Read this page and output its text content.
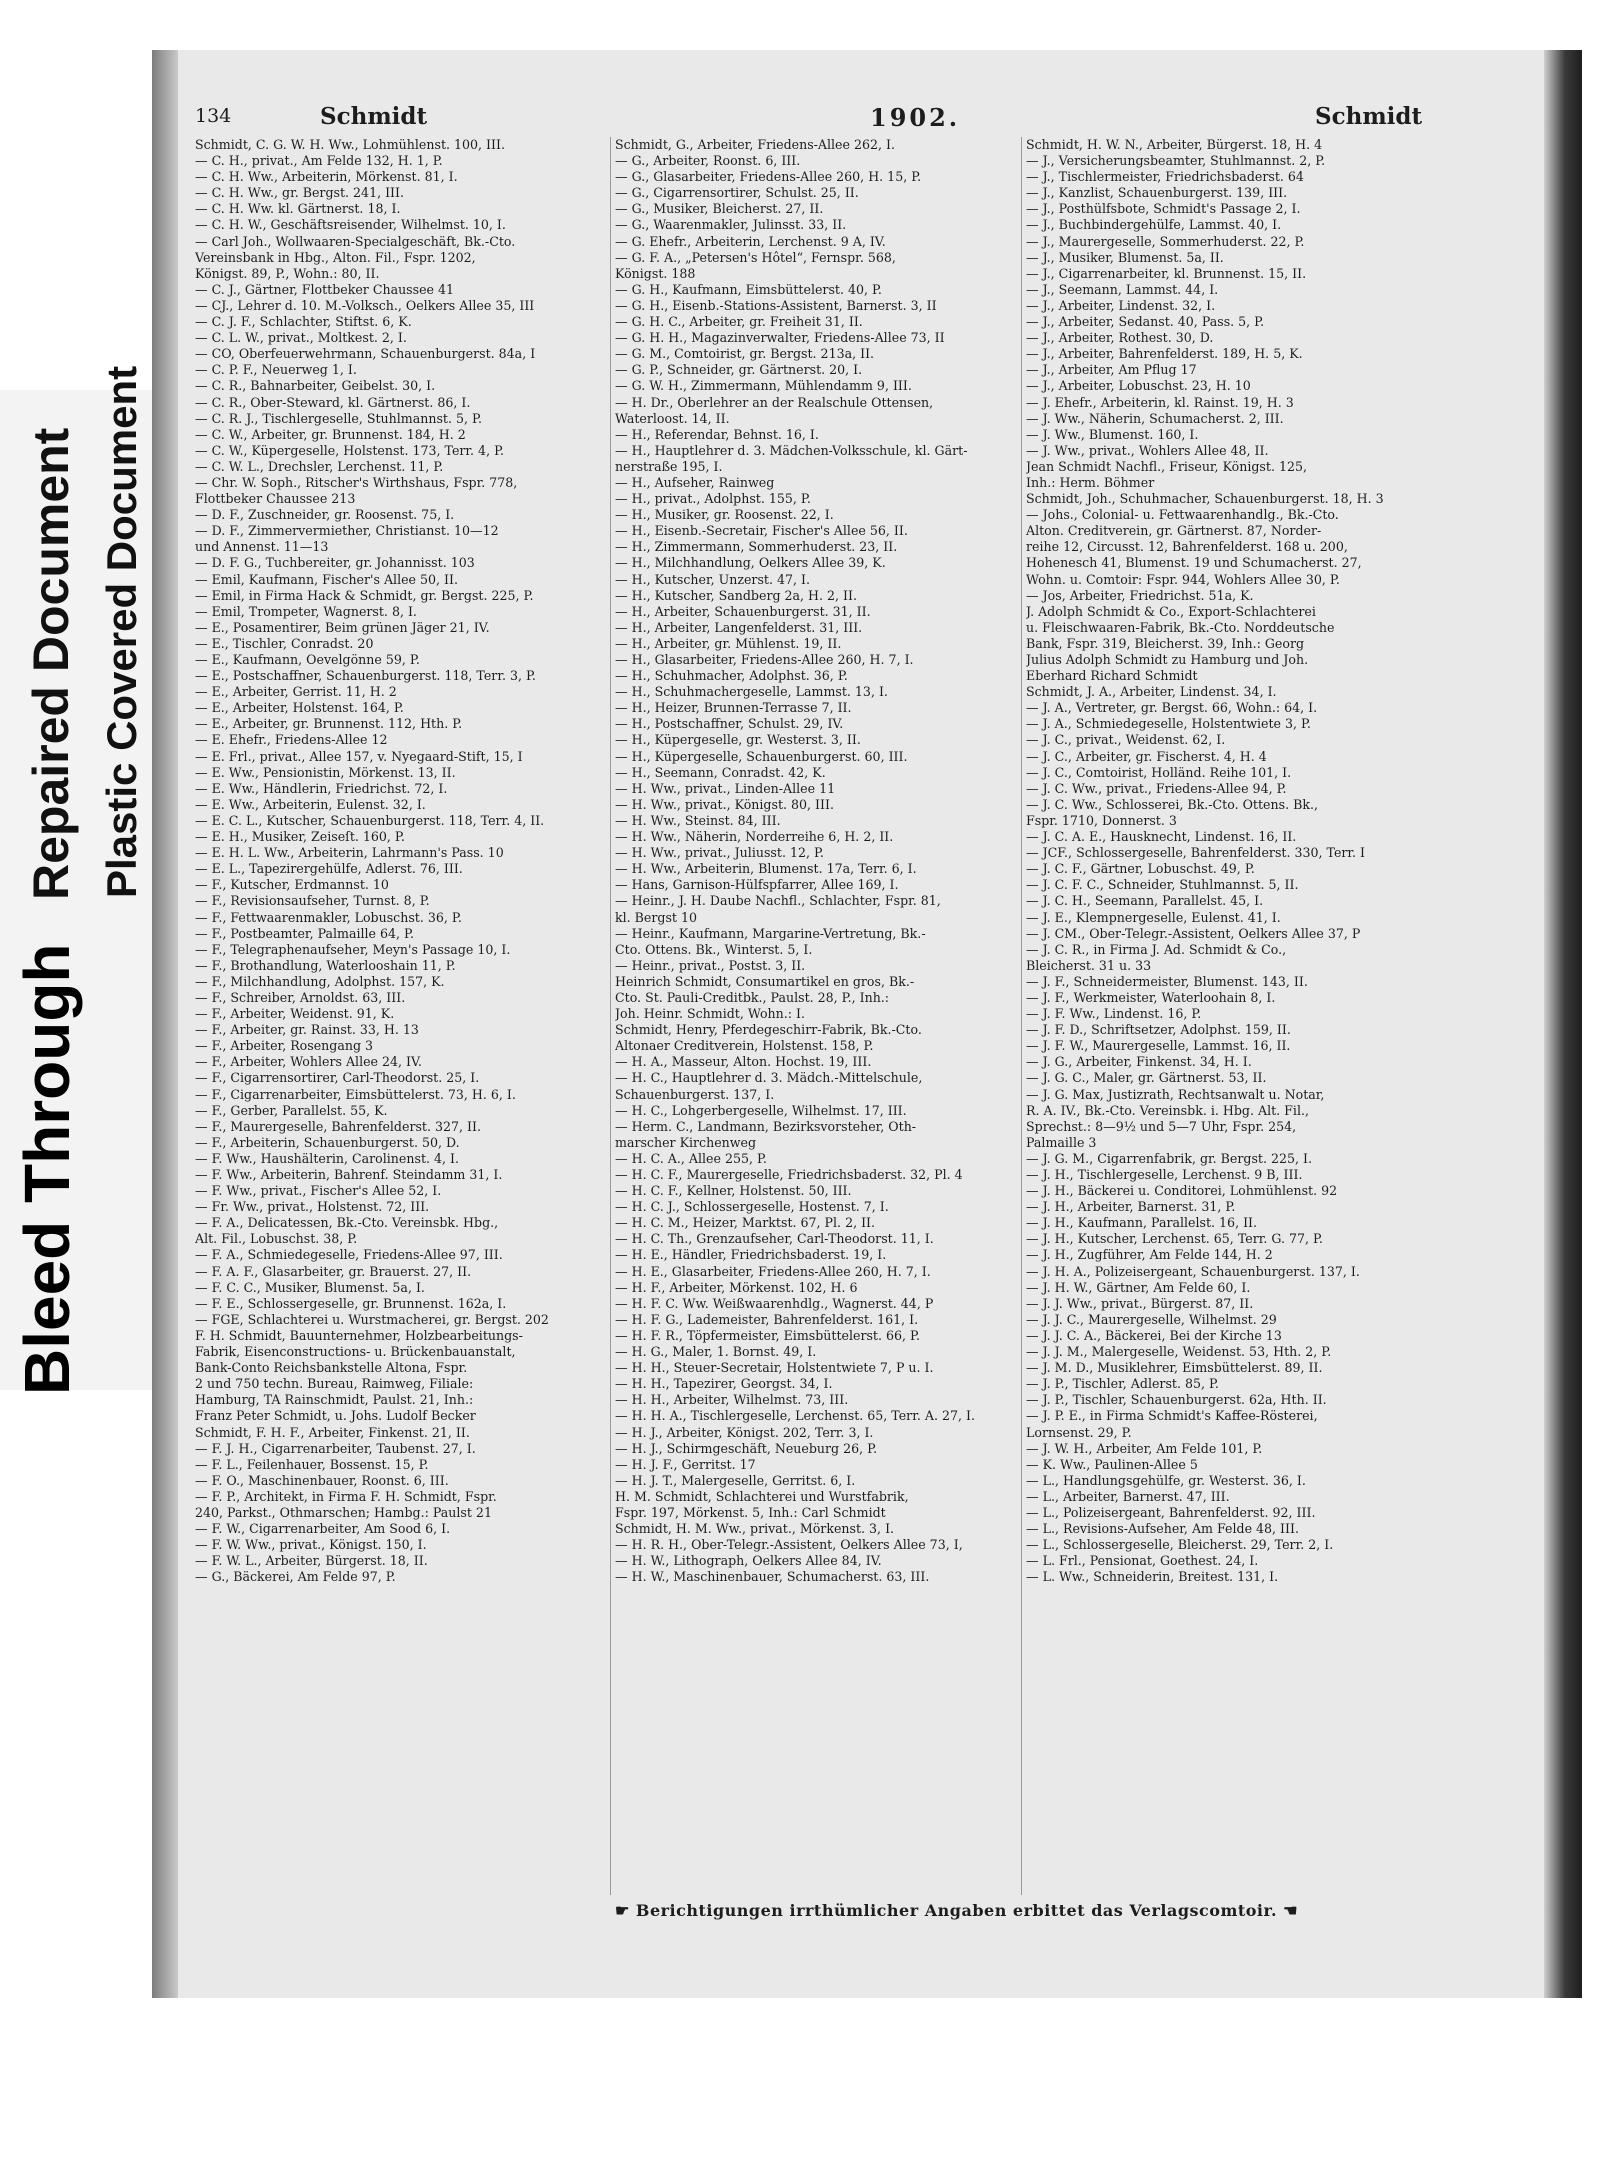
Bleed Through
Repaired Document Plastic Covered Document
134	Schmidt	1902.	Schmidt
Schmidt, C. G. W. H. Ww., Lohmühlenst. 100, III.
— C. H., privat., Am Felde 132, H. 1, P.
— C. H. Ww., Arbeiterin, Mörkenst. 81, I.
— C. H. Ww., gr. Bergst. 241, III.
— C. H. Ww. kl. Gärtnerst. 18, I.
— C. H. W., Geschäftsreisender, Wilhelmst. 10, I.
— Carl Joh., Wollwaaren-Specialgeschäft, Bk.-Cto.
Vereinsbank in Hbg., Alton. Fil., Fspr. 1202,
Königst. 89, P., Wohn.: 80, II.
— C. J., Gärtner, Flottbeker Chaussee 41
— CJ., Lehrer d. 10. M.-Volksch., Oelkers Allee 35, III
— C. J. F., Schlachter, Stiftst. 6, K.
— C. L. W., privat., Moltkest. 2, I.
— CO, Oberfeuerwehrmann, Schauenburgerst. 84a, I
— C. P. F., Neuerweg 1, I.
— C. R., Bahnarbeiter, Geibelst. 30, I.
— C. R., Ober-Steward, kl. Gärtnerst. 86, I.
— C. R. J., Tischlergeselle, Stuhlmannst. 5, P.
— C. W., Arbeiter, gr. Brunnenst. 184, H. 2
— C. W., Küpergeselle, Holstenst. 173, Terr. 4, P.
— C. W. L., Drechsler, Lerchenst. 11, P.
— Chr. W. Soph., Ritscher's Wirthshaus, Fspr. 778,
Flottbeker Chaussee 213
— D. F., Zuschneider, gr. Roosenst. 75, I.
— D. F., Zimmervermiether, Christianst. 10—12
und Annenst. 11—13
— D. F. G., Tuchbereiter, gr. Johannisst. 103
— Emil, Kaufmann, Fischer's Allee 50, II.
— Emil, in Firma Hack & Schmidt, gr. Bergst. 225, P.
— Emil, Trompeter, Wagnerst. 8, I.
— E., Posamentirer, Beim grünen Jäger 21, IV.
— E., Tischler, Conradst. 20
— E., Kaufmann, Oevelgönne 59, P.
— E., Postschaffner, Schauenburgerst. 118, Terr. 3, P.
— E., Arbeiter, Gerrist. 11, H. 2
— E., Arbeiter, Holstenst. 164, P.
— E., Arbeiter, gr. Brunnenst. 112, Hth. P.
— E. Ehefr., Friedens-Allee 12
— E. Frl., privat., Allee 157, v. Nyegaard-Stift, 15, I
— E. Ww., Pensionistin, Mörkenst. 13, II.
— E. Ww., Händlerin, Friedrichst. 72, I.
— E. Ww., Arbeiterin, Eulenst. 32, I.
— E. C. L., Kutscher, Schauenburgerst. 118, Terr. 4, II.
— E. H., Musiker, Zeiseſt. 160, P.
— E. H. L. Ww., Arbeiterin, Lahrmann's Pass. 10
— E. L., Tapezirergehülfe, Adlerst. 76, III.
— F., Kutscher, Erdmannst. 10
— F., Revisionsaufseher, Turnst. 8, P.
— F., Fettwaarenmakler, Lobuschst. 36, P.
— F., Postbeamter, Palmaille 64, P.
— F., Telegraphenaufseher, Meyn's Passage 10, I.
— F., Brothandlung, Waterlooshain 11, P.
— F., Milchhandlung, Adolphst. 157, K.
— F., Schreiber, Arnoldst. 63, III.
— F., Arbeiter, Weidenst. 91, K.
— F., Arbeiter, gr. Rainst. 33, H. 13
— F., Arbeiter, Rosengang 3
— F., Arbeiter, Wohlers Allee 24, IV.
— F., Cigarrensortirer, Carl-Theodorst. 25, I.
— F., Cigarrenarbeiter, Eimsbüttelerst. 73, H. 6, I.
— F., Gerber, Parallelst. 55, K.
— F., Maurergeselle, Bahrenfelderst. 327, II.
— F., Arbeiterin, Schauenburgerst. 50, D.
— F. Ww., Haushälterin, Carolinenst. 4, I.
— F. Ww., Arbeiterin, Bahrenf. Steindamm 31, I.
— F. Ww., privat., Fischer's Allee 52, I.
— Fr. Ww., privat., Holstenst. 72, III.
— F. A., Delicatessen, Bk.-Cto. Vereinsbk. Hbg.,
Alt. Fil., Lobuschst. 38, P.
— F. A., Schmiedegeselle, Friedens-Allee 97, III.
— F. A. F., Glasarbeiter, gr. Brauerst. 27, II.
— F. C. C., Musiker, Blumenst. 5a, I.
— F. E., Schlossergeselle, gr. Brunnenst. 162a, I.
— FGE, Schlachterei u. Wurstmacherei, gr. Bergst. 202
F. H. Schmidt, Bauunternehmer, Holzbearbeitungs-
Fabrik, Eisenconstructions- u. Brückenbauanstalt,
Bank-Conto Reichsbankstelle Altona, Fspr.
2 und 750 techn. Bureau, Raimweg, Filiale:
Hamburg, TA Rainschmidt, Paulst. 21, Inh.:
Franz Peter Schmidt, u. Johs. Ludolf Becker
Schmidt, F. H. F., Arbeiter, Finkenst. 21, II.
— F. J. H., Cigarrenarbeiter, Taubenst. 27, I.
— F. L., Feilenhauer, Bossenst. 15, P.
— F. O., Maschinenbauer, Roonst. 6, III.
— F. P., Architekt, in Firma F. H. Schmidt, Fspr.
240, Parkst., Othmarschen; Hambg.: Paulst 21
— F. W., Cigarrenarbeiter, Am Sood 6, I.
— F. W. Ww., privat., Königst. 150, I.
— F. W. L., Arbeiter, Bürgerst. 18, II.
— G., Bäckerei, Am Felde 97, P.
Schmidt, G., Arbeiter, Friedens-Allee 262, I.
— G., Arbeiter, Roonst. 6, III.
— G., Glasarbeiter, Friedens-Allee 260, H. 15, P.
— G., Cigarrensortirer, Schulst. 25, II.
— G., Musiker, Bleicherst. 27, II.
— G., Waarenmakler, Julinsst. 33, II.
— G. Ehefr., Arbeiterin, Lerchenst. 9 A, IV.
— G. F. A., „Petersen's Hôtel“, Fernspr. 568,
Königst. 188
— G. H., Kaufmann, Eimsbüttelerst. 40, P.
— G. H., Eisenb.-Stations-Assistent, Barnerst. 3, II
— G. H. C., Arbeiter, gr. Freiheit 31, II.
— G. H. H., Magazinverwalter, Friedens-Allee 73, II
— G. M., Comtoirist, gr. Bergst. 213a, II.
— G. P., Schneider, gr. Gärtnerst. 20, I.
— G. W. H., Zimmermann, Mühlendamm 9, III.
— H. Dr., Oberlehrer an der Realschule Ottensen,
Waterloost. 14, II.
— H., Referendar, Behnst. 16, I.
— H., Hauptlehrer d. 3. Mädchen-Volksschule, kl. Gärt-
nerstraße 195, I.
— H., Aufseher, Rainweg
— H., privat., Adolphst. 155, P.
— H., Musiker, gr. Roosenst. 22, I.
— H., Eisenb.-Secretair, Fischer's Allee 56, II.
— H., Zimmermann, Sommerhuderst. 23, II.
— H., Milchhandlung, Oelkers Allee 39, K.
— H., Kutscher, Unzerst. 47, I.
— H., Kutscher, Sandberg 2a, H. 2, II.
— H., Arbeiter, Schauenburgerst. 31, II.
— H., Arbeiter, Langenfelderst. 31, III.
— H., Arbeiter, gr. Mühlenst. 19, II.
— H., Glasarbeiter, Friedens-Allee 260, H. 7, I.
— H., Schuhmacher, Adolphst. 36, P.
— H., Schuhmachergeselle, Lammst. 13, I.
— H., Heizer, Brunnen-Terrasse 7, II.
— H., Postschaffner, Schulst. 29, IV.
— H., Küpergeselle, gr. Westerst. 3, II.
— H., Küpergeselle, Schauenburgerst. 60, III.
— H., Seemann, Conradst. 42, K.
— H. Ww., privat., Linden-Allee 11
— H. Ww., privat., Königst. 80, III.
— H. Ww., Steinst. 84, III.
— H. Ww., Näherin, Norderreihe 6, H. 2, II.
— H. Ww., privat., Juliusst. 12, P.
— H. Ww., Arbeiterin, Blumenst. 17a, Terr. 6, I.
— Hans, Garnison-Hülfspfarrer, Allee 169, I.
— Heinr., J. H. Daube Nachfl., Schlachter, Fspr. 81,
kl. Bergst 10
— Heinr., Kaufmann, Margarine-Vertretung, Bk.-
Cto. Ottens. Bk., Winterst. 5, I.
— Heinr., privat., Postst. 3, II.
Heinrich Schmidt, Consumartikel en gros, Bk.-
Cto. St. Pauli-Creditbk., Paulst. 28, P., Inh.:
Joh. Heinr. Schmidt, Wohn.: I.
Schmidt, Henry, Pferdegeschirr-Fabrik, Bk.-Cto.
Altonaer Creditverein, Holstenst. 158, P.
— H. A., Masseur, Alton. Hochst. 19, III.
— H. C., Hauptlehrer d. 3. Mädch.-Mittelschule,
Schauenburgerst. 137, I.
— H. C., Lohgerbergeselle, Wilhelmst. 17, III.
— Herm. C., Landmann, Bezirksvorsteher, Oth-
marscher Kirchenweg
— H. C. A., Allee 255, P.
— H. C. F., Maurergeselle, Friedrichsbaderst. 32, Pl. 4
— H. C. F., Kellner, Holstenst. 50, III.
— H. C. J., Schlossergeselle, Hostenst. 7, I.
— H. C. M., Heizer, Marktst. 67, Pl. 2, II.
— H. C. Th., Grenzaufseher, Carl-Theodorst. 11, I.
— H. E., Händler, Friedrichsbaderst. 19, I.
— H. E., Glasarbeiter, Friedens-Allee 260, H. 7, I.
— H. F., Arbeiter, Mörkenst. 102, H. 6
— H. F. C. Ww. Weißwaarenhdlg., Wagnerst. 44, P
— H. F. G., Lademeister, Bahrenfelderst. 161, I.
— H. F. R., Töpfermeister, Eimsbüttelerst. 66, P.
— H. G., Maler, 1. Bornst. 49, I.
— H. H., Steuer-Secretair, Holstentwiete 7, P u. I.
— H. H., Tapezirer, Georgst. 34, I.
— H. H., Arbeiter, Wilhelmst. 73, III.
— H. H. A., Tischlergeselle, Lerchenst. 65, Terr. A. 27, I.
— H. J., Arbeiter, Königst. 202, Terr. 3, I.
— H. J., Schirmgeschäft, Neueburg 26, P.
— H. J. F., Gerritst. 17
— H. J. T., Malergeselle, Gerritst. 6, I.
H. M. Schmidt, Schlachterei und Wurstfabrik,
Fspr. 197, Mörkenst. 5, Inh.: Carl Schmidt
Schmidt, H. M. Ww., privat., Mörkenst. 3, I.
— H. R. H., Ober-Telegr.-Assistent, Oelkers Allee 73, I,
— H. W., Lithograph, Oelkers Allee 84, IV.
— H. W., Maschinenbauer, Schumacherst. 63, III.
Schmidt, H. W. N., Arbeiter, Bürgerst. 18, H. 4
— J., Versicherungsbeamter, Stuhlmannst. 2, P.
— J., Tischlermeister, Friedrichsbaderst. 64
— J., Kanzlist, Schauenburgerst. 139, III.
— J., Posthülfsbote, Schmidt's Passage 2, I.
— J., Buchbindergehülfe, Lammst. 40, I.
— J., Maurergeselle, Sommerhuderst. 22, P.
— J., Musiker, Blumenst. 5a, II.
— J., Cigarrenarbeiter, kl. Brunnenst. 15, II.
— J., Seemann, Lammst. 44, I.
— J., Arbeiter, Lindenst. 32, I.
— J., Arbeiter, Sedanst. 40, Pass. 5, P.
— J., Arbeiter, Rothest. 30, D.
— J., Arbeiter, Bahrenfelderst. 189, H. 5, K.
— J., Arbeiter, Am Pflug 17
— J., Arbeiter, Lobuschst. 23, H. 10
— J. Ehefr., Arbeiterin, kl. Rainst. 19, H. 3
— J. Ww., Näherin, Schumacherst. 2, III.
— J. Ww., Blumenst. 160, I.
— J. Ww., privat., Wohlers Allee 48, II.
Jean Schmidt Nachfl., Friseur, Königst. 125,
Inh.: Herm. Böhmer
Schmidt, Joh., Schuhmacher, Schauenburgerst. 18, H. 3
— Johs., Colonial- u. Fettwaarenhandlg., Bk.-Cto.
Alton. Creditverein, gr. Gärtnerst. 87, Norder-
reihe 12, Circusst. 12, Bahrenfelderst. 168 u. 200,
Hohenesch 41, Blumenst. 19 und Schumacherst. 27,
Wohn. u. Comtoir: Fspr. 944, Wohlers Allee 30, P.
— Jos, Arbeiter, Friedrichst. 51a, K.
J. Adolph Schmidt & Co., Export-Schlachterei
u. Fleischwaaren-Fabrik, Bk.-Cto. Norddeutsche
Bank, Fspr. 319, Bleicherst. 39, Inh.: Georg
Julius Adolph Schmidt zu Hamburg und Joh.
Eberhard Richard Schmidt
Schmidt, J. A., Arbeiter, Lindenst. 34, I.
— J. A., Vertreter, gr. Bergst. 66, Wohn.: 64, I.
— J. A., Schmiedegeselle, Holstentwiete 3, P.
— J. C., privat., Weidenst. 62, I.
— J. C., Arbeiter, gr. Fischerst. 4, H. 4
— J. C., Comtoirist, Holländ. Reihe 101, I.
— J. C. Ww., privat., Friedens-Allee 94, P.
— J. C. Ww., Schlosserei, Bk.-Cto. Ottens. Bk.,
Fspr. 1710, Donnerst. 3
— J. C. A. E., Hausknecht, Lindenst. 16, II.
— JCF., Schlossergeselle, Bahrenfelderst. 330, Terr. I
— J. C. F., Gärtner, Lobuschst. 49, P.
— J. C. F. C., Schneider, Stuhlmannst. 5, II.
— J. C. H., Seemann, Parallelst. 45, I.
— J. E., Klempnergeselle, Eulenst. 41, I.
— J. CM., Ober-Telegr.-Assistent, Oelkers Allee 37, P
— J. C. R., in Firma J. Ad. Schmidt & Co.,
Bleicherst. 31 u. 33
— J. F., Schneidermeister, Blumenst. 143, II.
— J. F., Werkmeister, Waterloohain 8, I.
— J. F. Ww., Lindenst. 16, P.
— J. F. D., Schriftsetzer, Adolphst. 159, II.
— J. F. W., Maurergeselle, Lammst. 16, II.
— J. G., Arbeiter, Finkenst. 34, H. I.
— J. G. C., Maler, gr. Gärtnerst. 53, II.
— J. G. Max, Justizrath, Rechtsanwalt u. Notar,
R. A. IV., Bk.-Cto. Vereinsbk. i. Hbg. Alt. Fil.,
Sprechst.: 8—9½ und 5—7 Uhr, Fspr. 254,
Palmaille 3
— J. G. M., Cigarrenfabrik, gr. Bergst. 225, I.
— J. H., Tischlergeselle, Lerchenst. 9 B, III.
— J. H., Bäckerei u. Conditorei, Lohmühlenst. 92
— J. H., Arbeiter, Barnerst. 31, P.
— J. H., Kaufmann, Parallelst. 16, II.
— J. H., Kutscher, Lerchenst. 65, Terr. G. 77, P.
— J. H., Zugführer, Am Felde 144, H. 2
— J. H. A., Polizeisergeant, Schauenburgerst. 137, I.
— J. H. W., Gärtner, Am Felde 60, I.
— J. J. Ww., privat., Bürgerst. 87, II.
— J. J. C., Maurergeselle, Wilhelmst. 29
— J. J. C. A., Bäckerei, Bei der Kirche 13
— J. J. M., Malergeselle, Weidenst. 53, Hth. 2, P.
— J. M. D., Musiklehrer, Eimsbüttelerst. 89, II.
— J. P., Tischler, Adlerst. 85, P.
— J. P., Tischler, Schauenburgerst. 62a, Hth. II.
— J. P. E., in Firma Schmidt's Kaffee-Rösterei,
Lornsenst. 29, P.
— J. W. H., Arbeiter, Am Felde 101, P.
— K. Ww., Paulinen-Allee 5
— L., Handlungsgehülfe, gr. Westerst. 36, I.
— L., Arbeiter, Barnerst. 47, III.
— L., Polizeisergeant, Bahrenfelderst. 92, III.
— L., Revisions-Aufseher, Am Felde 48, III.
— L., Schlossergeselle, Bleicherst. 29, Terr. 2, I.
— L. Frl., Pensionat, Goethest. 24, I.
— L. Ww., Schneiderin, Breitest. 131, I.
☛ Berichtigungen irrthümlicher Angaben erbittet das Verlagscomtoir. ☚
